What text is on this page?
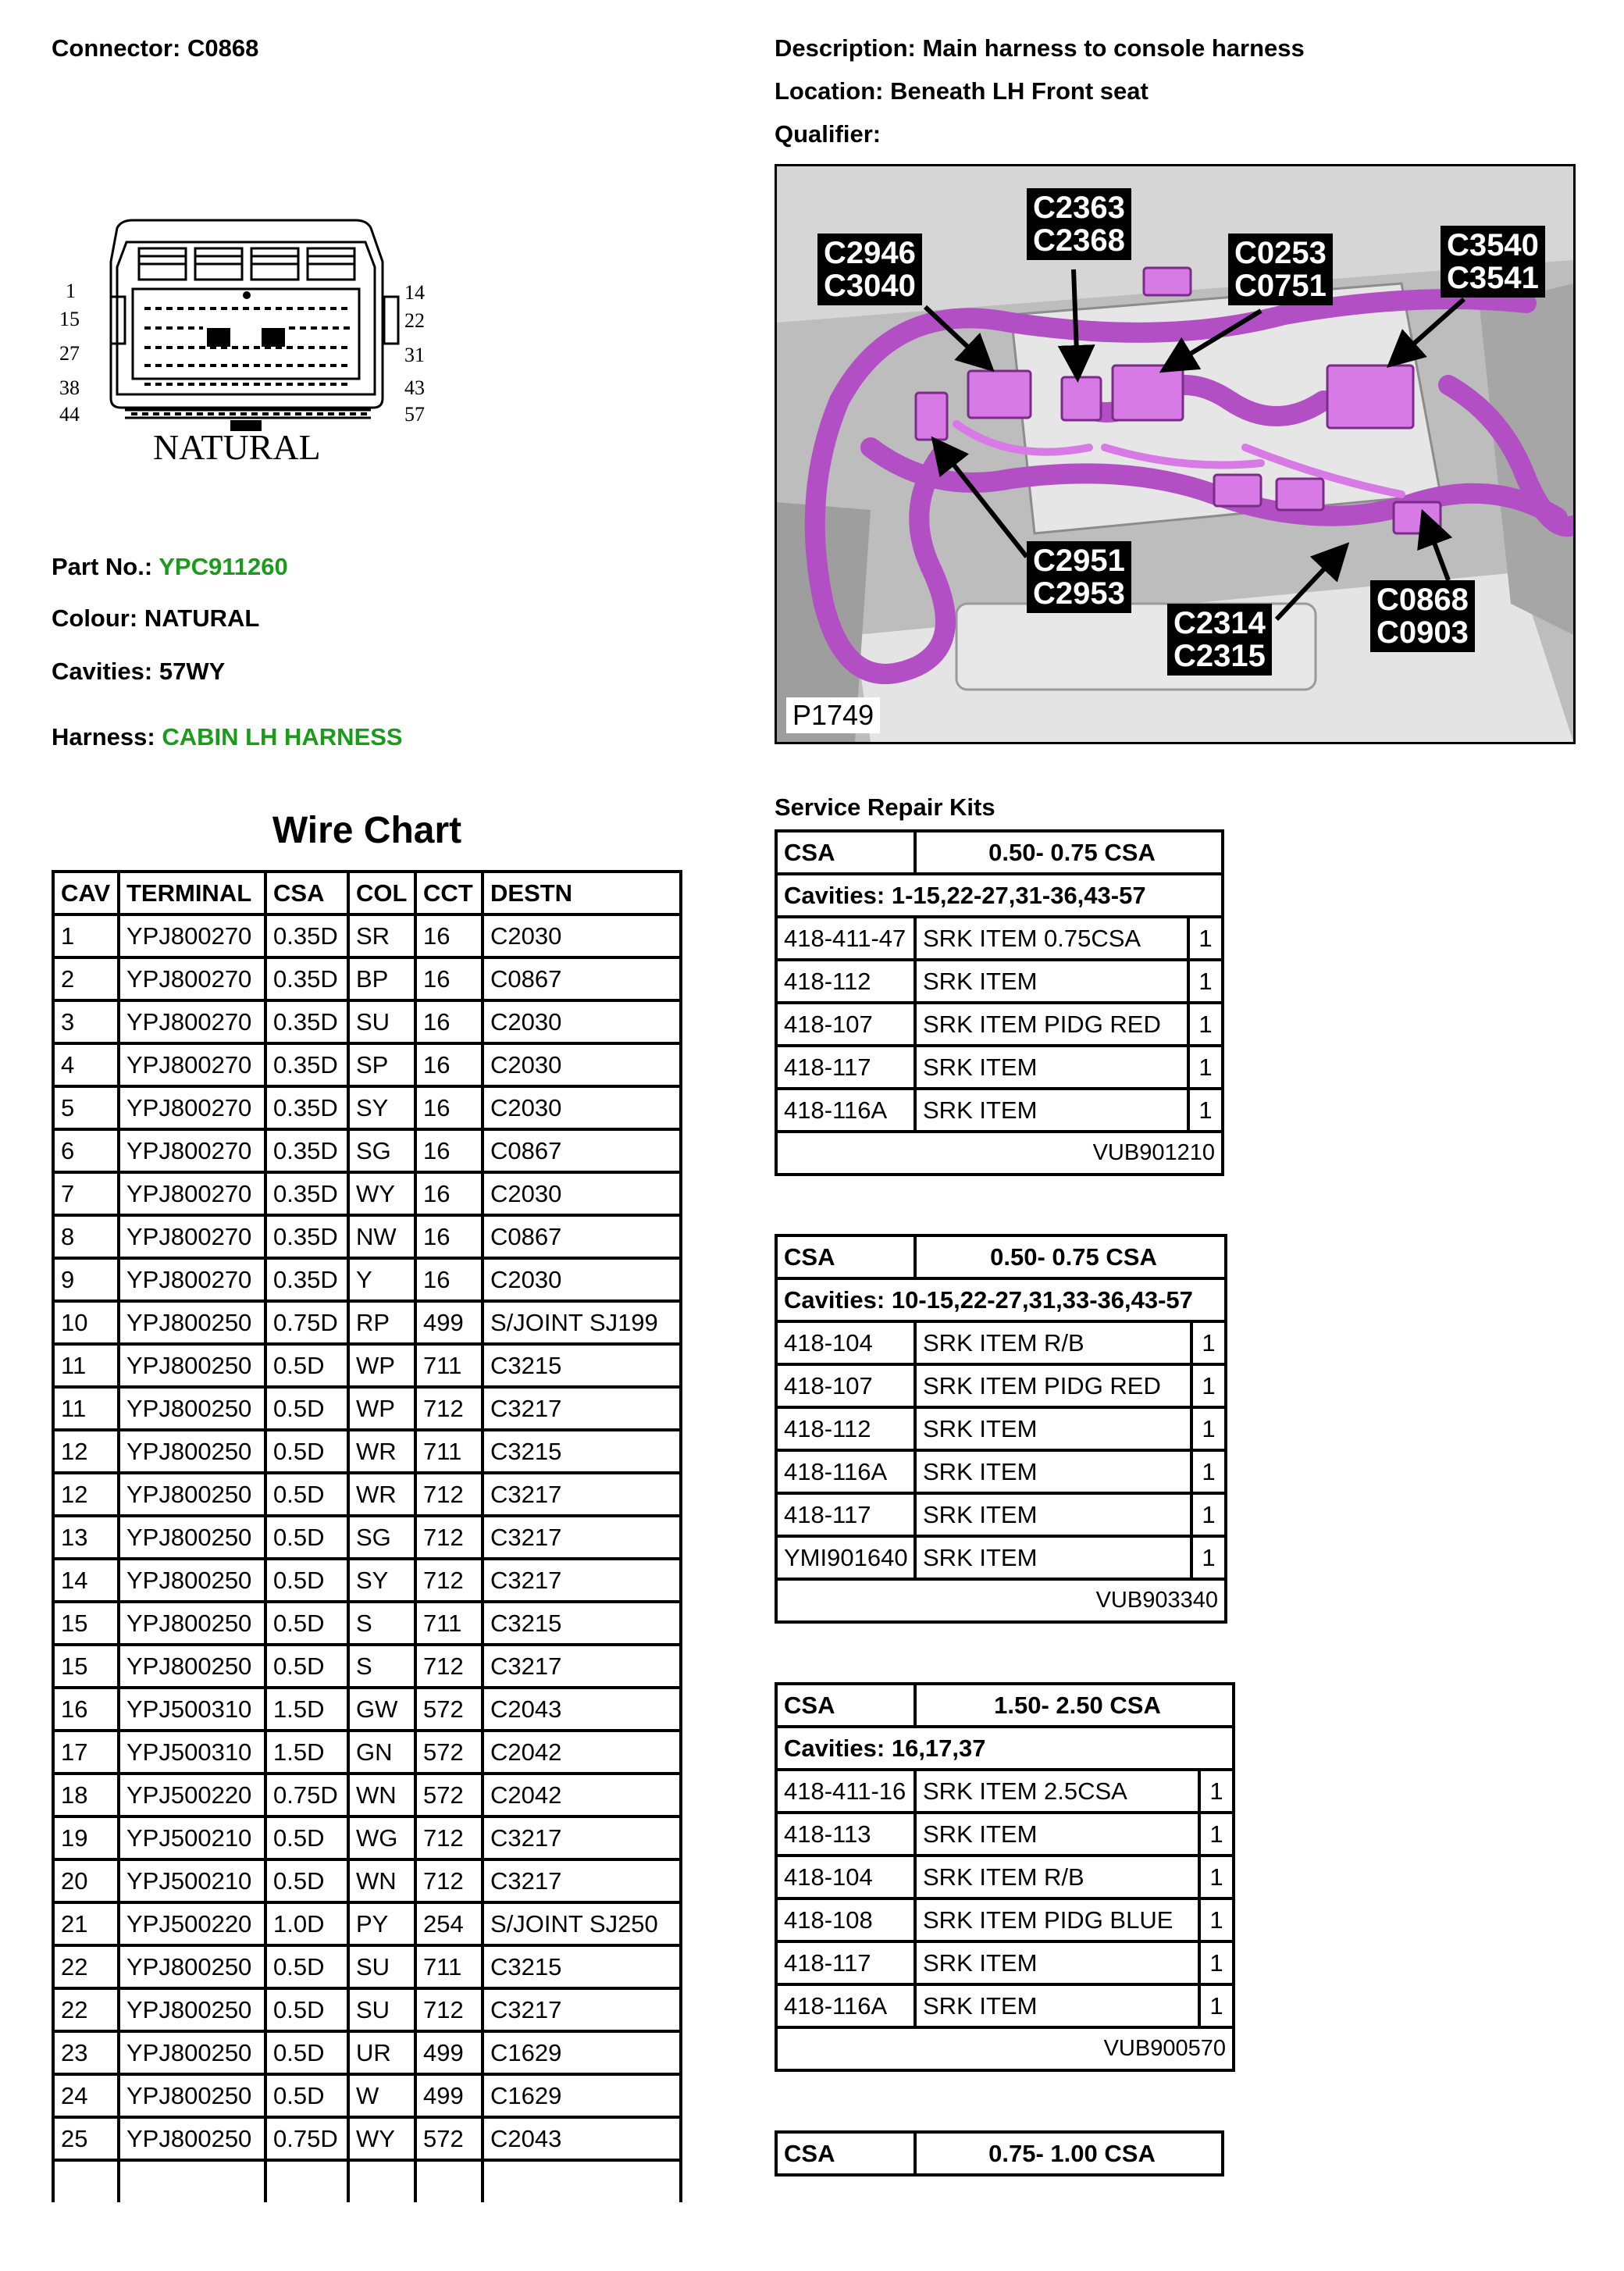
Connector: C0868	Description: Main harness to console harness
Location: Beneath LH Front seat
Qualifier:
1
15
27
38
44
14
22
31
43
57
NATURAL
Part No.: YPC911260
Colour: NATURAL
Cavities: 57WY
Harness: CABIN LH HARNESS
C2363
C2368
C2946
C3040
C0253
C0751
C3540
C3541
C2951
C2953
C2314
C2315
C0868
C0903
P1749
Wire Chart
CAV	TERMINAL	CSA	COL	CCT	DESTN
1	YPJ800270	0.35D	SR	16	C2030
2	YPJ800270	0.35D	BP	16	C0867
3	YPJ800270	0.35D	SU	16	C2030
4	YPJ800270	0.35D	SP	16	C2030
5	YPJ800270	0.35D	SY	16	C2030
6	YPJ800270	0.35D	SG	16	C0867
7	YPJ800270	0.35D	WY	16	C2030
8	YPJ800270	0.35D	NW	16	C0867
9	YPJ800270	0.35D	Y	16	C2030
10	YPJ800250	0.75D	RP	499	S/JOINT SJ199
11	YPJ800250	0.5D	WP	711	C3215
11	YPJ800250	0.5D	WP	712	C3217
12	YPJ800250	0.5D	WR	711	C3215
12	YPJ800250	0.5D	WR	712	C3217
13	YPJ800250	0.5D	SG	712	C3217
14	YPJ800250	0.5D	SY	712	C3217
15	YPJ800250	0.5D	S	711	C3215
15	YPJ800250	0.5D	S	712	C3217
16	YPJ500310	1.5D	GW	572	C2043
17	YPJ500310	1.5D	GN	572	C2042
18	YPJ500220	0.75D	WN	572	C2042
19	YPJ500210	0.5D	WG	712	C3217
20	YPJ500210	0.5D	WN	712	C3217
21	YPJ500220	1.0D	PY	254	S/JOINT SJ250
22	YPJ800250	0.5D	SU	711	C3215
22	YPJ800250	0.5D	SU	712	C3217
23	YPJ800250	0.5D	UR	499	C1629
24	YPJ800250	0.5D	W	499	C1629
25	YPJ800250	0.75D	WY	572	C2043

Service Repair Kits
CSA	0.50- 0.75 CSA	
Cavities: 1-15,22-27,31-36,43-57		
418-411-47	SRK ITEM 0.75CSA	1
418-112	SRK ITEM	1
418-107	SRK ITEM PIDG RED	1
418-117	SRK ITEM	1
418-116A	SRK ITEM	1
VUB901210		
CSA	0.50- 0.75 CSA	
Cavities: 10-15,22-27,31,33-36,43-57		
418-104	SRK ITEM R/B	1
418-107	SRK ITEM PIDG RED	1
418-112	SRK ITEM	1
418-116A	SRK ITEM	1
418-117	SRK ITEM	1
YMI901640	SRK ITEM	1
VUB903340		
CSA	1.50- 2.50 CSA	
Cavities: 16,17,37		
418-411-16	SRK ITEM 2.5CSA	1
418-113	SRK ITEM	1
418-104	SRK ITEM R/B	1
418-108	SRK ITEM PIDG BLUE	1
418-117	SRK ITEM	1
418-116A	SRK ITEM	1
VUB900570		
CSA	0.75- 1.00 CSA
